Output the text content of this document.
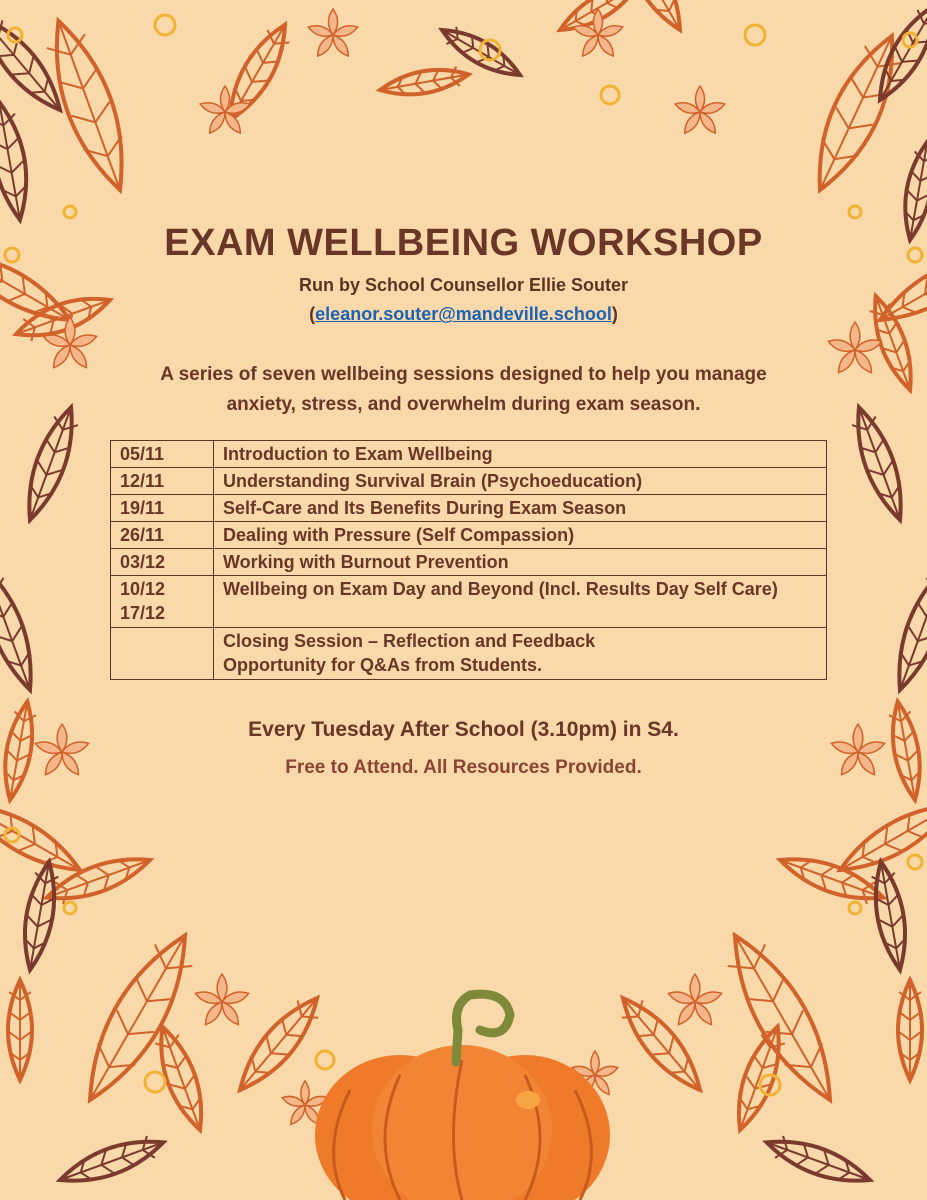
EXAM WELLBEING WORKSHOP
Run by School Counsellor Ellie Souter
(eleanor.souter@mandeville.school)
A series of seven wellbeing sessions designed to help you manage
anxiety, stress, and overwhelm during exam season.
05/11	Introduction to Exam Wellbeing
12/11	Understanding Survival Brain (Psychoeducation)
19/11	Self-Care and Its Benefits During Exam Season
26/11	Dealing with Pressure (Self Compassion)
03/12	Working with Burnout Prevention

10/12
17/12	Wellbeing on Exam Day and Beyond (Incl. Results Day Self Care)

	Closing Session – Reflection and Feedback
Opportunity for Q&As from Students.
Every Tuesday After School (3.10pm) in S4.
Free to Attend. All Resources Provided.
